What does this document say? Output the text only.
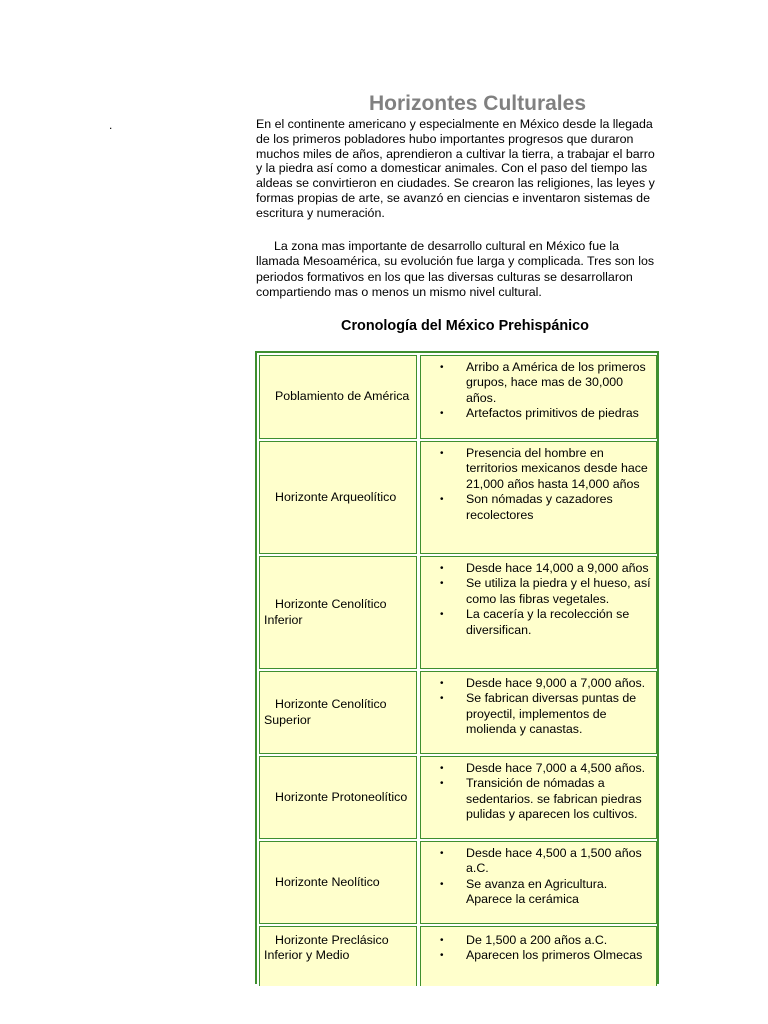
.
Horizontes Culturales

En el continente americano y especialmente en México desde la llegada de los primeros pobladores hubo importantes progresos que duraron muchos miles de años, aprendieron a cultivar la tierra, a trabajar el barro y la piedra así como a domesticar animales. Con el paso del tiempo las aldeas se convirtieron en ciudades. Se crearon las religiones, las leyes y formas propias de arte, se avanzó en ciencias e inventaron sistemas de escritura y numeración.

La zona mas importante de desarrollo cultural en México fue la llamada Mesoamérica, su evolución fue larga y complicada. Tres son los periodos formativos en los que las diversas culturas se desarrollaron compartiendo mas o menos un mismo nivel cultural.

Cronología del México Prehispánico
Poblamiento de América
• Arribo a América de los primeros grupos, hace mas de 30,000 años.
• Artefactos primitivos de piedras
Horizonte Arqueolítico
• Presencia del hombre en territorios mexicanos desde hace 21,000 años hasta 14,000 años
• Son nómadas y cazadores recolectores
Horizonte Cenolítico Inferior
• Desde hace 14,000 a 9,000 años
• Se utiliza la piedra y el hueso, así como las fibras vegetales.
• La cacería y la recolección se diversifican.
Horizonte Cenolítico Superior
• Desde hace 9,000 a 7,000 años.
• Se fabrican diversas puntas de proyectil, implementos de molienda y canastas.
Horizonte Protoneolítico
• Desde hace 7,000 a 4,500 años.
• Transición de nómadas a sedentarios. se fabrican piedras pulidas y aparecen los cultivos.
Horizonte Neolítico
• Desde hace 4,500 a 1,500 años a.C.
• Se avanza en Agricultura. Aparece la cerámica
Horizonte Preclásico Inferior y Medio
• De 1,500 a 200 años a.C.
• Aparecen los primeros Olmecas
